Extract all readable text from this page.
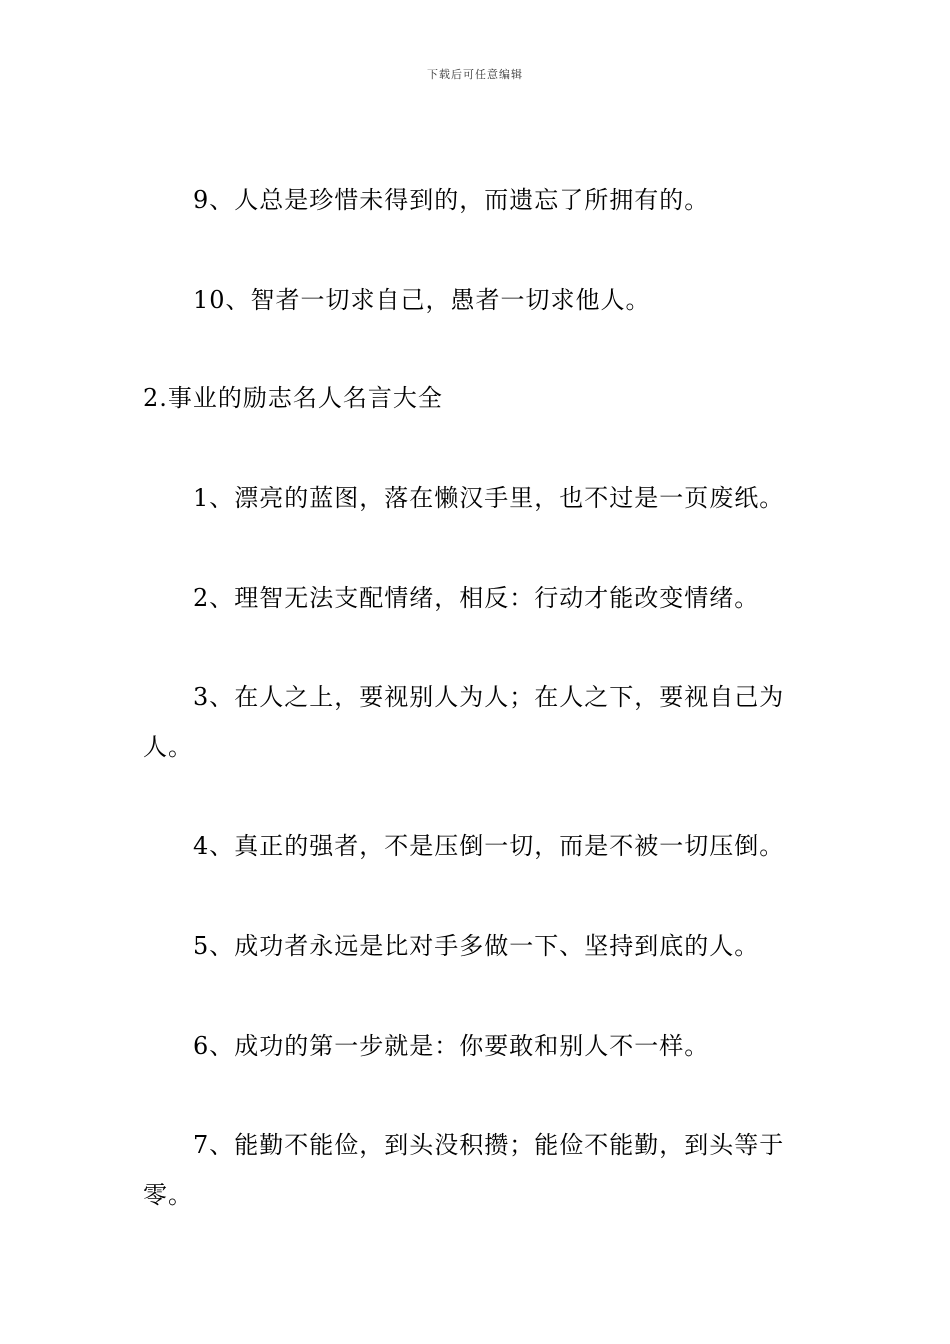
下载后可任意编辑
9、人总是珍惜未得到的，而遗忘了所拥有的。
10、智者一切求自己，愚者一切求他人。
2.事业的励志名人名言大全
1、漂亮的蓝图，落在懒汉手里，也不过是一页废纸。
2、理智无法支配情绪，相反：行动才能改变情绪。
3、在人之上，要视别人为人；在人之下，要视自己为
人。
4、真正的强者，不是压倒一切，而是不被一切压倒。
5、成功者永远是比对手多做一下、坚持到底的人。
6、成功的第一步就是：你要敢和别人不一样。
7、能勤不能俭，到头没积攒；能俭不能勤，到头等于
零。
